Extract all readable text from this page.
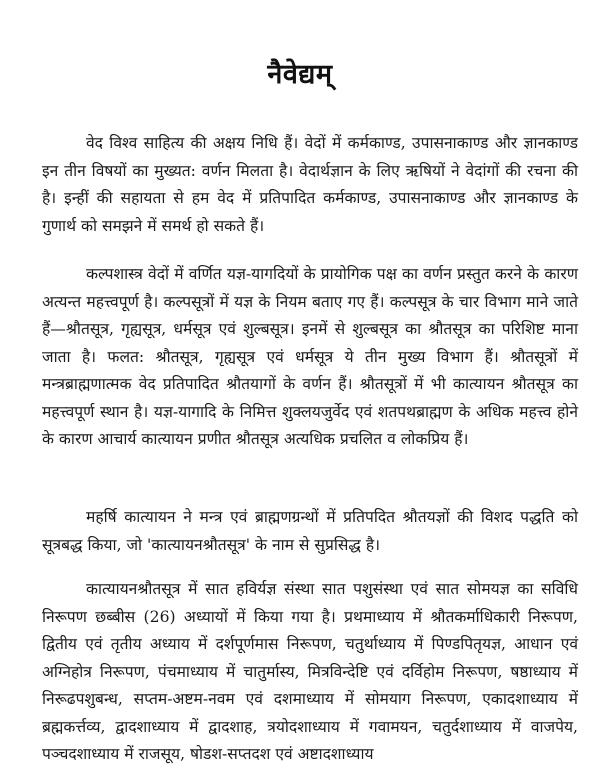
नैवेद्यम्

वेद विश्व साहित्य की अक्षय निधि हैं। वेदों में कर्मकाण्ड, उपासनाकाण्ड और ज्ञानकाण्ड इन तीन विषयों का मुख्यत: वर्णन मिलता है। वेदार्थज्ञान के लिए ऋषियों ने वेदांगों की रचना की है। इन्हीं की सहायता से हम वेद में प्रतिपादित कर्मकाण्ड, उपासनाकाण्ड और ज्ञानकाण्ड के गुणार्थ को समझने में समर्थ हो सकते हैं।

कल्पशास्त्र वेदों में वर्णित यज्ञ-यागदियों के प्रायोगिक पक्ष का वर्णन प्रस्तुत करने के कारण अत्यन्त महत्त्वपूर्ण है। कल्पसूत्रों में यज्ञ के नियम बताए गए हैं। कल्पसूत्र के चार विभाग माने जाते हैं—श्रौतसूत्र, गृह्यसूत्र, धर्मसूत्र एवं शुल्बसूत्र। इनमें से शुल्बसूत्र का श्रौतसूत्र का परिशिष्ट माना जाता है। फलत: श्रौतसूत्र, गृह्यसूत्र एवं धर्मसूत्र ये तीन मुख्य विभाग हैं। श्रौतसूत्रों में मन्त्रब्राह्मणात्मक वेद प्रतिपादित श्रौतयागों के वर्णन हैं। श्रौतसूत्रों में भी कात्यायन श्रौतसूत्र का महत्त्वपूर्ण स्थान है। यज्ञ-यागादि के निमित्त शुक्लयजुर्वेद एवं शतपथब्राह्मण के अधिक महत्त्व होने के कारण आचार्य कात्यायन प्रणीत श्रौतसूत्र अत्यधिक प्रचलित व लोकप्रिय हैं।

महर्षि कात्यायन ने मन्त्र एवं ब्राह्मणग्रन्थों में प्रतिपदित श्रौतयज्ञों की विशद पद्धति को सूत्रबद्ध किया, जो 'कात्यायनश्रौतसूत्र' के नाम से सुप्रसिद्ध है।

कात्यायनश्रौतसूत्र में सात हविर्यज्ञ संस्था सात पशुसंस्था एवं सात सोमयज्ञ का सविधि निरूपण छब्बीस (26) अध्यायों में किया गया है। प्रथमाध्याय में श्रौतकर्माधिकारी निरूपण, द्वितीय एवं तृतीय अध्याय में दर्शपूर्णमास निरूपण, चतुर्थाध्याय में पिण्डपितृयज्ञ, आधान एवं अग्निहोत्र निरूपण, पंचमाध्याय में चातुर्मास्य, मित्रविन्देष्टि एवं दर्विहोम निरूपण, षष्ठाध्याय में निरूढपशुबन्ध, सप्तम-अष्टम-नवम एवं दशमाध्याय में सोमयाग निरूपण, एकादशाध्याय में ब्रह्मकर्त्तव्य, द्वादशाध्याय में द्वादशाह, त्रयोदशाध्याय में गवामयन, चतुर्दशाध्याय में वाजपेय, पञ्चदशाध्याय में राजसूय, षोडश-सप्तदश एवं अष्टादशाध्याय
